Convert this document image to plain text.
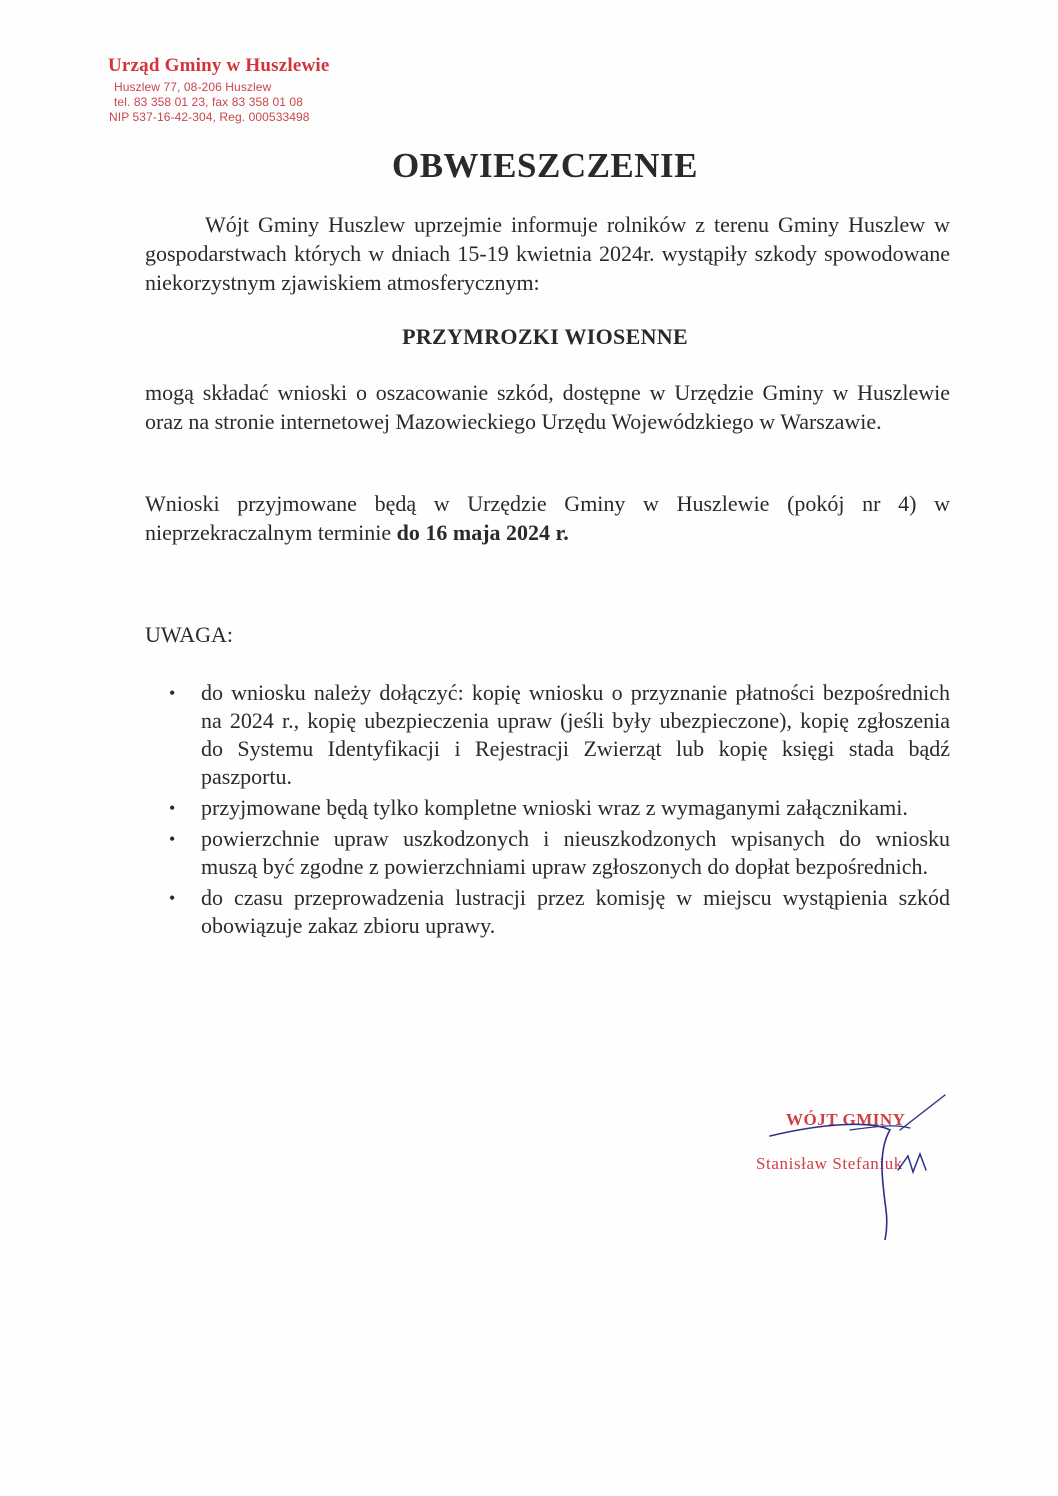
Urząd Gminy w Huszlewie
Huszlew 77, 08-206 Huszlew
tel. 83 358 01 23, fax 83 358 01 08
NIP 537-16-42-304, Reg. 000533498
OBWIESZCZENIE
Wójt Gminy Huszlew uprzejmie informuje rolników z terenu Gminy Huszlew w gospodarstwach których w dniach 15-19 kwietnia 2024r. wystąpiły szkody spowodowane niekorzystnym zjawiskiem atmosferycznym:
PRZYMROZKI WIOSENNE
mogą składać wnioski o oszacowanie szkód, dostępne w Urzędzie Gminy w Huszlewie oraz na stronie internetowej Mazowieckiego Urzędu Wojewódzkiego w Warszawie.
Wnioski przyjmowane będą w Urzędzie Gminy w Huszlewie (pokój nr 4) w nieprzekraczalnym terminie do 16 maja 2024 r.
UWAGA:
• do wniosku należy dołączyć: kopię wniosku o przyznanie płatności bezpośrednich na 2024 r., kopię ubezpieczenia upraw (jeśli były ubezpieczone), kopię zgłoszenia do Systemu Identyfikacji i Rejestracji Zwierząt lub kopię księgi stada bądź paszportu.
• przyjmowane będą tylko kompletne wnioski wraz z wymaganymi załącznikami.
• powierzchnie upraw uszkodzonych i nieuszkodzonych wpisanych do wniosku muszą być zgodne z powierzchniami upraw zgłoszonych do dopłat bezpośrednich.
• do czasu przeprowadzenia lustracji przez komisję w miejscu wystąpienia szkód obowiązuje zakaz zbioru uprawy.
WÓJT GMINY
Stanisław Stefaniuk
